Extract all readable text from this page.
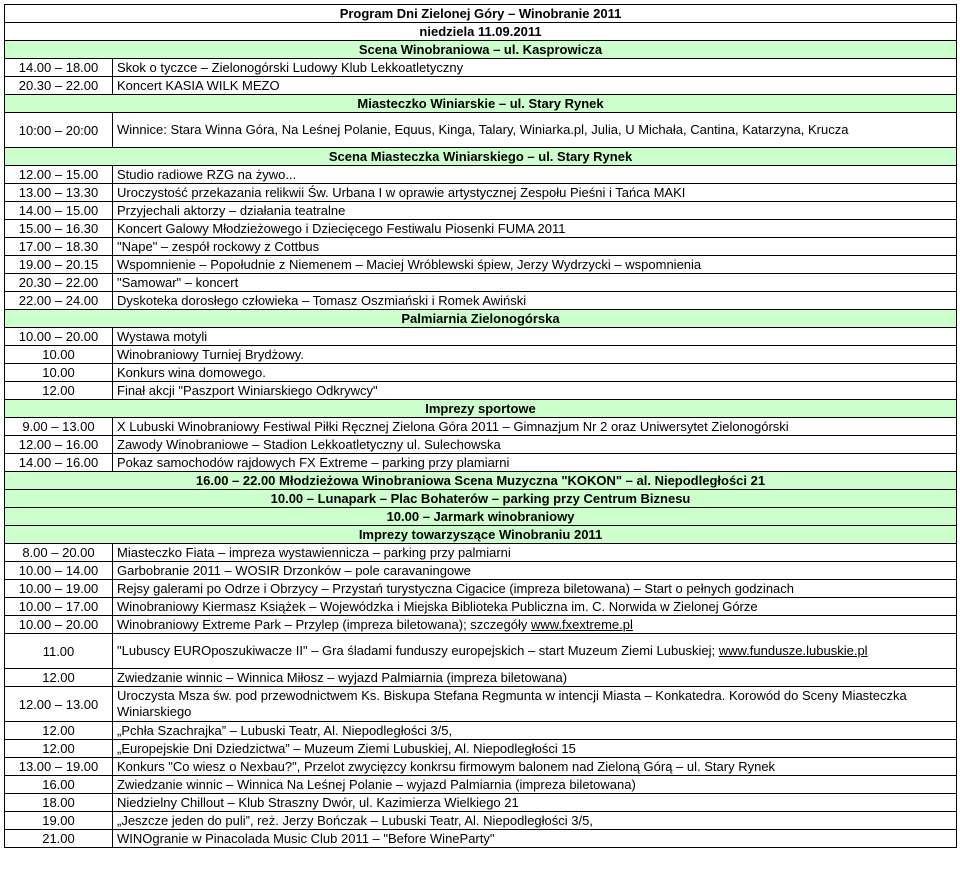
Program Dni Zielonej Góry – Winobranie 2011	
niedziela 11.09.2011	
Scena Winobraniowa – ul. Kasprowicza	
14.00 – 18.00	Skok o tyczce – Zielonogórski Ludowy Klub Lekkoatletyczny
20.30 – 22.00	Koncert KASIA WILK MEZO
Miasteczko Winiarskie – ul. Stary Rynek	
10:00 – 20:00	Winnice: Stara Winna Góra, Na Leśnej Polanie, Equus, Kinga, Talary, Winiarka.pl, Julia, U Michała, Cantina, Katarzyna, Krucza
Scena Miasteczka Winiarskiego – ul. Stary Rynek	
12.00 – 15.00	Studio radiowe RZG na żywo...
13.00 – 13.30	Uroczystość przekazania relikwii Św. Urbana I w oprawie artystycznej Zespołu Pieśni i Tańca MAKI
14.00 – 15.00	Przyjechali aktorzy – działania teatralne
15.00 – 16.30	Koncert Galowy Młodzieżowego i Dziecięcego Festiwalu Piosenki FUMA 2011
17.00 – 18.30	"Nape" – zespół rockowy z Cottbus
19.00 – 20.15	Wspomnienie – Popołudnie z Niemenem – Maciej Wróblewski śpiew, Jerzy Wydrzycki – wspomnienia
20.30 – 22.00	"Samowar" – koncert
22.00 – 24.00	Dyskoteka dorosłego człowieka – Tomasz Oszmiański i Romek Awiński
Palmiarnia Zielonogórska	
10.00 – 20.00	Wystawa motyli
10.00	Winobraniowy Turniej Brydżowy.
10.00	Konkurs wina domowego.
12.00	Finał akcji "Paszport Winiarskiego Odkrywcy"
Imprezy sportowe	
9.00 – 13.00	X Lubuski Winobraniowy Festiwal Piłki Ręcznej Zielona Góra 2011 – Gimnazjum Nr 2 oraz Uniwersytet Zielonogórski
12.00 – 16.00	Zawody Winobraniowe – Stadion Lekkoatletyczny ul. Sulechowska
14.00 – 16.00	Pokaz samochodów rajdowych FX Extreme – parking przy plamiarni
16.00 – 22.00 Młodzieżowa Winobraniowa Scena Muzyczna "KOKON" – al. Niepodległości 21	
10.00 – Lunapark – Plac Bohaterów – parking przy Centrum Biznesu	
10.00 – Jarmark winobraniowy	
Imprezy towarzyszące Winobraniu 2011	
8.00 – 20.00	Miasteczko Fiata – impreza wystawiennicza – parking przy palmiarni
10.00 – 14.00	Garbobranie 2011 – WOSIR Drzonków – pole caravaningowe
10.00 – 19.00	Rejsy galerami po Odrze i Obrzycy – Przystań turystyczna Cigacice (impreza biletowana) – Start o pełnych godzinach
10.00 – 17.00	Winobraniowy Kiermasz Książek – Wojewódzka i Miejska Biblioteka Publiczna im. C. Norwida w Zielonej Górze
10.00 – 20.00	Winobraniowy Extreme Park – Przylep (impreza biletowana); szczegóły www.fxextreme.pl
11.00	"Lubuscy EUROposzukiwacze II" – Gra śladami funduszy europejskich – start Muzeum Ziemi Lubuskiej; www.fundusze.lubuskie.pl
12.00	Zwiedzanie winnic – Winnica Miłosz – wyjazd Palmiarnia (impreza biletowana)
12.00 – 13.00	Uroczysta Msza św. pod przewodnictwem Ks. Biskupa Stefana Regmunta w intencji Miasta – Konkatedra. Korowód do Sceny Miasteczka Winiarskiego
12.00	„Pchła Szachrajka” – Lubuski Teatr, Al. Niepodległości 3/5,
12.00	„Europejskie Dni Dziedzictwa” – Muzeum Ziemi Lubuskiej, Al. Niepodległości 15
13.00 – 19.00	Konkurs "Co wiesz o Nexbau?", Przelot zwycięzcy konkrsu firmowym balonem nad Zieloną Górą – ul. Stary Rynek
16.00	Zwiedzanie winnic – Winnica Na Leśnej Polanie – wyjazd Palmiarnia (impreza biletowana)
18.00	Niedzielny Chillout – Klub Straszny Dwór, ul. Kazimierza Wielkiego 21
19.00	„Jeszcze jeden do puli”, reż. Jerzy Bończak – Lubuski Teatr, Al. Niepodległości 3/5,
21.00	WINOgranie w Pinacolada Music Club 2011 – "Before WineParty"
